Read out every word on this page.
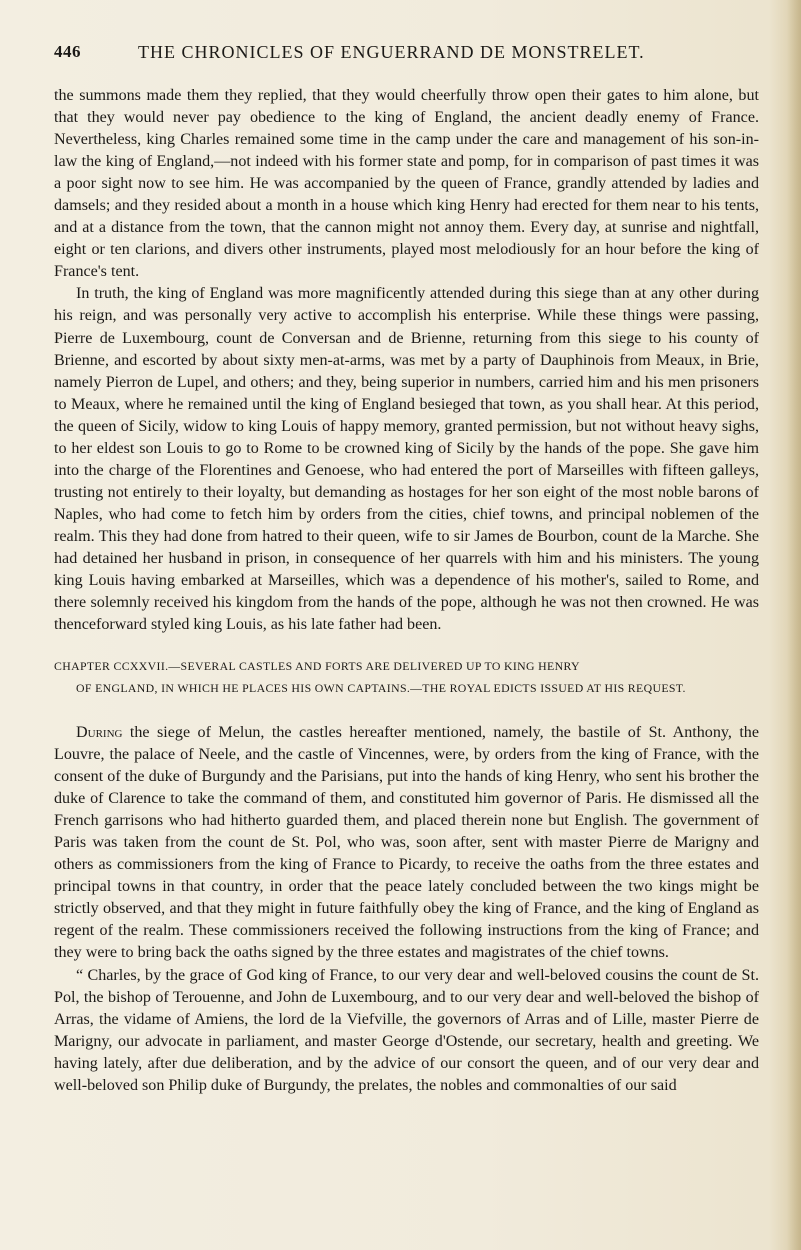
446	THE CHRONICLES OF ENGUERRAND DE MONSTRELET.
the summons made them they replied, that they would cheerfully throw open their gates to him alone, but that they would never pay obedience to the king of England, the ancient deadly enemy of France. Nevertheless, king Charles remained some time in the camp under the care and management of his son-in-law the king of England,—not indeed with his former state and pomp, for in comparison of past times it was a poor sight now to see him. He was accompanied by the queen of France, grandly attended by ladies and damsels; and they resided about a month in a house which king Henry had erected for them near to his tents, and at a distance from the town, that the cannon might not annoy them. Every day, at sunrise and nightfall, eight or ten clarions, and divers other instruments, played most melodiously for an hour before the king of France's tent.
In truth, the king of England was more magnificently attended during this siege than at any other during his reign, and was personally very active to accomplish his enterprise. While these things were passing, Pierre de Luxembourg, count de Conversan and de Brienne, returning from this siege to his county of Brienne, and escorted by about sixty men-at-arms, was met by a party of Dauphinois from Meaux, in Brie, namely Pierron de Lupel, and others; and they, being superior in numbers, carried him and his men prisoners to Meaux, where he remained until the king of England besieged that town, as you shall hear. At this period, the queen of Sicily, widow to king Louis of happy memory, granted permission, but not without heavy sighs, to her eldest son Louis to go to Rome to be crowned king of Sicily by the hands of the pope. She gave him into the charge of the Florentines and Genoese, who had entered the port of Marseilles with fifteen galleys, trusting not entirely to their loyalty, but demanding as hostages for her son eight of the most noble barons of Naples, who had come to fetch him by orders from the cities, chief towns, and principal noblemen of the realm. This they had done from hatred to their queen, wife to sir James de Bourbon, count de la Marche. She had detained her husband in prison, in consequence of her quarrels with him and his ministers. The young king Louis having embarked at Marseilles, which was a dependence of his mother's, sailed to Rome, and there solemnly received his kingdom from the hands of the pope, although he was not then crowned. He was thenceforward styled king Louis, as his late father had been.
CHAPTER CCXXVII.—SEVERAL CASTLES AND FORTS ARE DELIVERED UP TO KING HENRY
OF ENGLAND, IN WHICH HE PLACES HIS OWN CAPTAINS.—THE ROYAL EDICTS ISSUED AT HIS REQUEST.
During the siege of Melun, the castles hereafter mentioned, namely, the bastile of St. Anthony, the Louvre, the palace of Neele, and the castle of Vincennes, were, by orders from the king of France, with the consent of the duke of Burgundy and the Parisians, put into the hands of king Henry, who sent his brother the duke of Clarence to take the command of them, and constituted him governor of Paris. He dismissed all the French garrisons who had hitherto guarded them, and placed therein none but English. The government of Paris was taken from the count de St. Pol, who was, soon after, sent with master Pierre de Marigny and others as commissioners from the king of France to Picardy, to receive the oaths from the three estates and principal towns in that country, in order that the peace lately concluded between the two kings might be strictly observed, and that they might in future faithfully obey the king of France, and the king of England as regent of the realm. These commissioners received the following instructions from the king of France; and they were to bring back the oaths signed by the three estates and magistrates of the chief towns.
“ Charles, by the grace of God king of France, to our very dear and well-beloved cousins the count de St. Pol, the bishop of Terouenne, and John de Luxembourg, and to our very dear and well-beloved the bishop of Arras, the vidame of Amiens, the lord de la Viefville, the governors of Arras and of Lille, master Pierre de Marigny, our advocate in parliament, and master George d'Ostende, our secretary, health and greeting. We having lately, after due deliberation, and by the advice of our consort the queen, and of our very dear and well-beloved son Philip duke of Burgundy, the prelates, the nobles and commonalties of our said
